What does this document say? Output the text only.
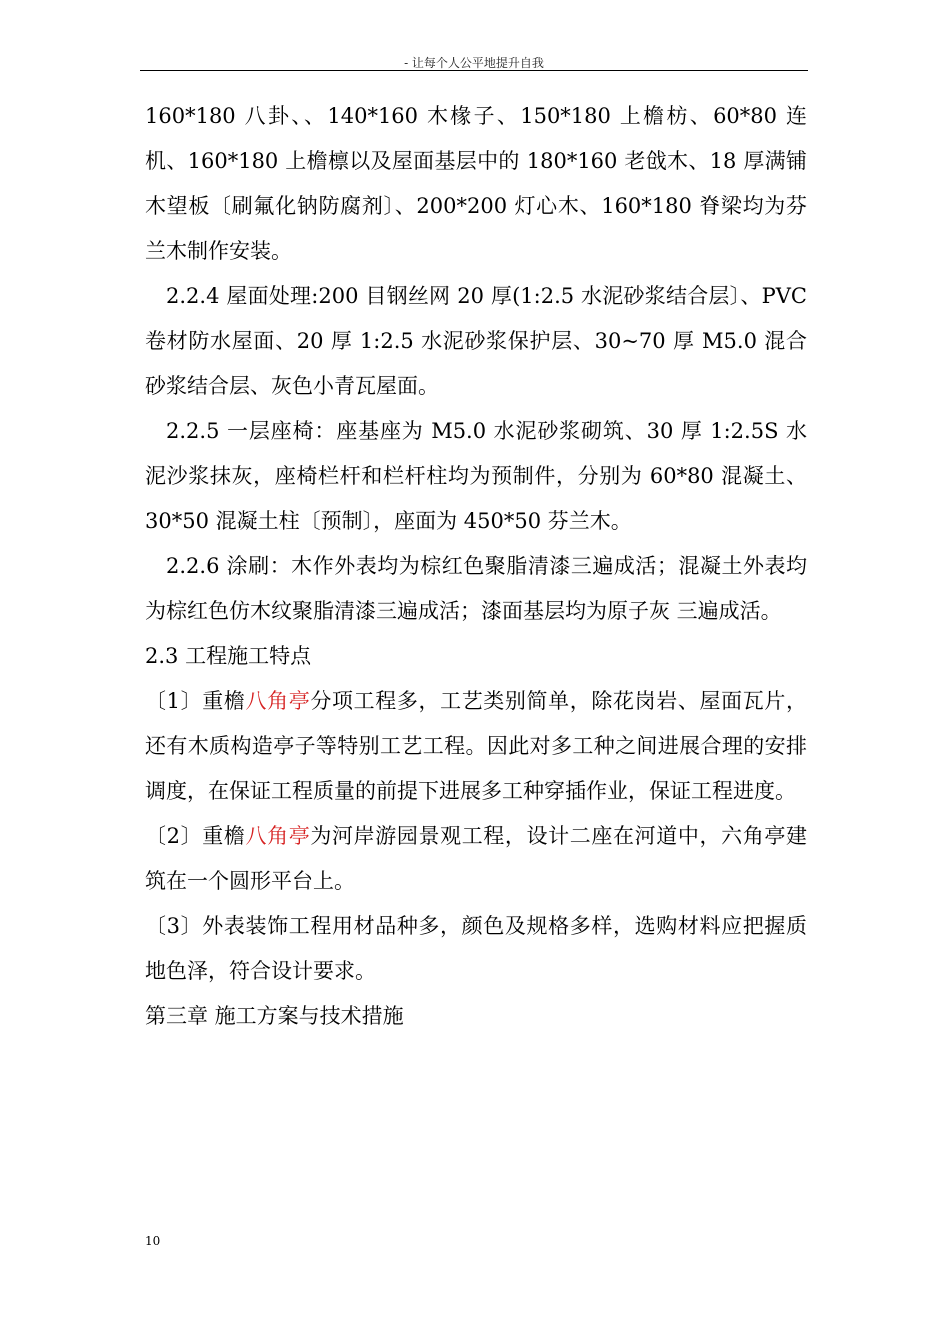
- 让每个人公平地提升自我

160*180 八卦、、140*160 木椽子、150*180 上檐枋、60*80 连机、160*180 上檐檩以及屋面基层中的 180*160 老戗木、18 厚满铺木望板〔刷氟化钠防腐剂〕、200*200 灯心木、160*180 脊梁均为芬兰木制作安装。

2.2.4 屋面处理:200 目钢丝网 20 厚(1:2.5 水泥砂浆结合层〕、PVC 卷材防水屋面、20 厚 1:2.5 水泥砂浆保护层、30~70 厚 M5.0 混合砂浆结合层、灰色小青瓦屋面。

2.2.5 一层座椅：座基座为 M5.0 水泥砂浆砌筑、30 厚 1:2.5S 水泥沙浆抹灰，座椅栏杆和栏杆柱均为预制件，分别为 60*80 混凝土、30*50 混凝土柱〔预制〕，座面为 450*50 芬兰木。

2.2.6 涂刷：木作外表均为棕红色聚脂清漆三遍成活；混凝土外表均为棕红色仿木纹聚脂清漆三遍成活；漆面基层均为原子灰 三遍成活。

2.3 工程施工特点

〔1〕重檐八角亭分项工程多，工艺类别简单，除花岗岩、屋面瓦片，还有木质构造亭子等特别工艺工程。因此对多工种之间进展合理的安排调度，在保证工程质量的前提下进展多工种穿插作业，保证工程进度。

〔2〕重檐八角亭为河岸游园景观工程，设计二座在河道中，六角亭建筑在一个圆形平台上。

〔3〕外表装饰工程用材品种多，颜色及规格多样，选购材料应把握质地色泽，符合设计要求。

第三章 施工方案与技术措施

10
